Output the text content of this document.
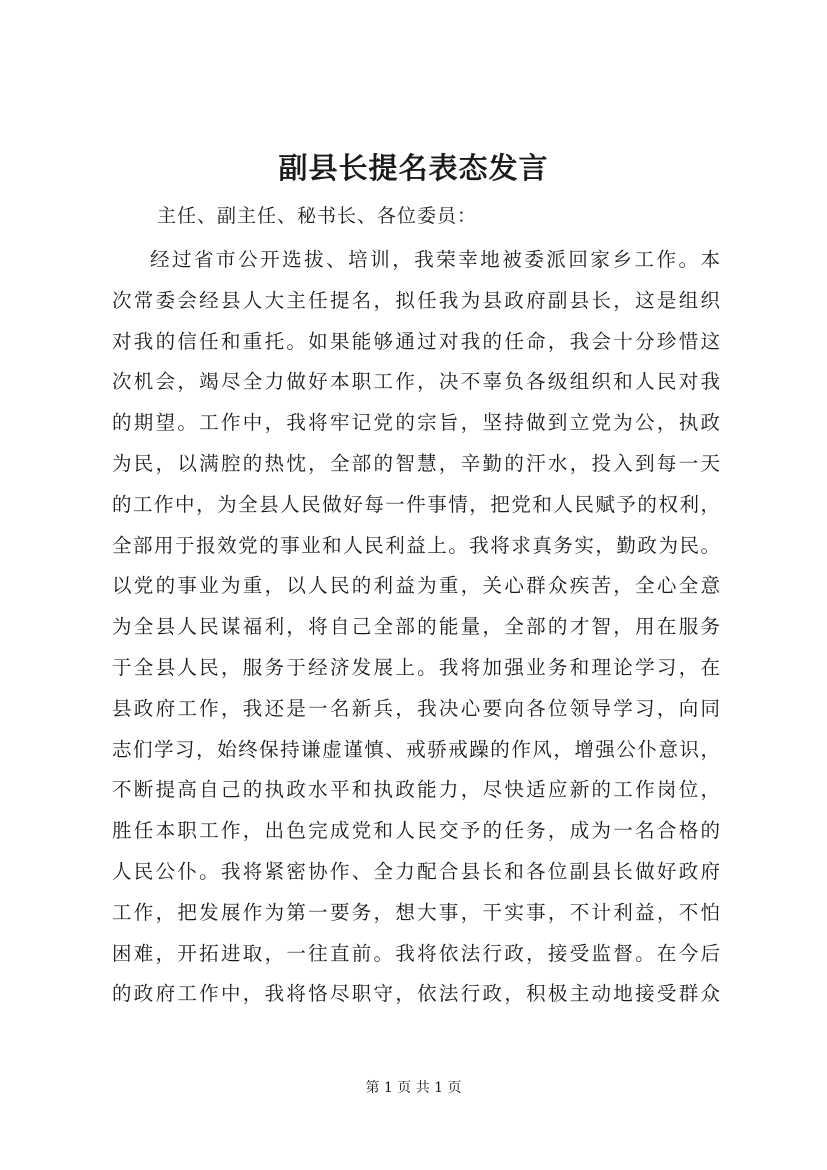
副县长提名表态发言
主任、副主任、秘书长、各位委员：
经过省市公开选拔、培训，我荣幸地被委派回家乡工作。本
次常委会经县人大主任提名，拟任我为县政府副县长，这是组织
对我的信任和重托。如果能够通过对我的任命，我会十分珍惜这
次机会，竭尽全力做好本职工作，决不辜负各级组织和人民对我
的期望。工作中，我将牢记党的宗旨，坚持做到立党为公，执政
为民，以满腔的热忱，全部的智慧，辛勤的汗水，投入到每一天
的工作中，为全县人民做好每一件事情，把党和人民赋予的权利，
全部用于报效党的事业和人民利益上。我将求真务实，勤政为民。
以党的事业为重，以人民的利益为重，关心群众疾苦，全心全意
为全县人民谋福利，将自己全部的能量，全部的才智，用在服务
于全县人民，服务于经济发展上。我将加强业务和理论学习，在
县政府工作，我还是一名新兵，我决心要向各位领导学习，向同
志们学习，始终保持谦虚谨慎、戒骄戒躁的作风，增强公仆意识，
不断提高自己的执政水平和执政能力，尽快适应新的工作岗位，
胜任本职工作，出色完成党和人民交予的任务，成为一名合格的
人民公仆。我将紧密协作、全力配合县长和各位副县长做好政府
工作，把发展作为第一要务，想大事，干实事，不计利益，不怕
困难，开拓进取，一往直前。我将依法行政，接受监督。在今后
的政府工作中，我将恪尽职守，依法行政，积极主动地接受群众
第 1 页 共 1 页
